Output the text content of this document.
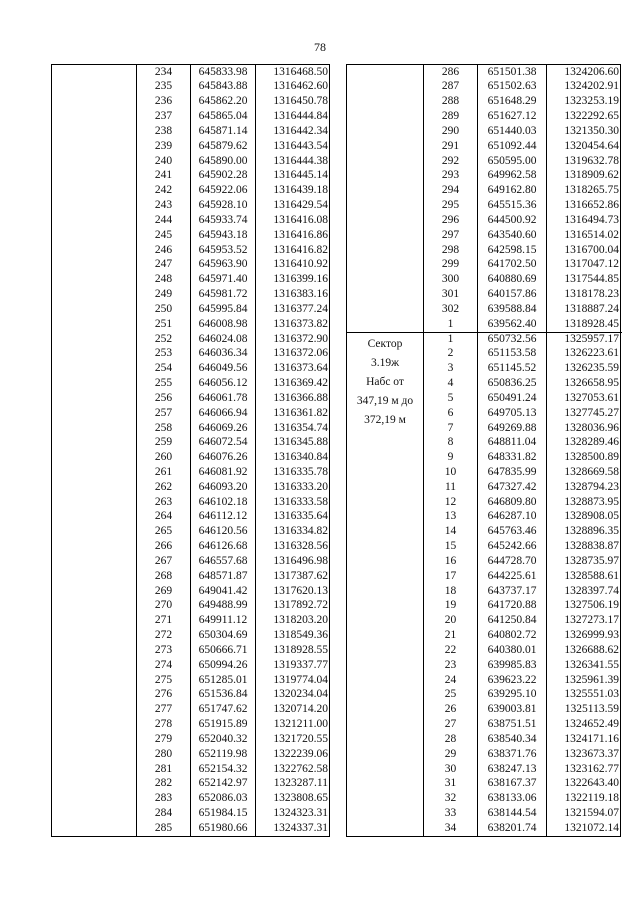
78
234	645833.98	1316468.50
235	645843.88	1316462.60
236	645862.20	1316450.78
237	645865.04	1316444.84
238	645871.14	1316442.34
239	645879.62	1316443.54
240	645890.00	1316444.38
241	645902.28	1316445.14
242	645922.06	1316439.18
243	645928.10	1316429.54
244	645933.74	1316416.08
245	645943.18	1316416.86
246	645953.52	1316416.82
247	645963.90	1316410.92
248	645971.40	1316399.16
249	645981.72	1316383.16
250	645995.84	1316377.24
251	646008.98	1316373.82
252	646024.08	1316372.90
253	646036.34	1316372.06
254	646049.56	1316373.64
255	646056.12	1316369.42
256	646061.78	1316366.88
257	646066.94	1316361.82
258	646069.26	1316354.74
259	646072.54	1316345.88
260	646076.26	1316340.84
261	646081.92	1316335.78
262	646093.20	1316333.20
263	646102.18	1316333.58
264	646112.12	1316335.64
265	646120.56	1316334.82
266	646126.68	1316328.56
267	646557.68	1316496.98
268	648571.87	1317387.62
269	649041.42	1317620.13
270	649488.99	1317892.72
271	649911.12	1318203.20
272	650304.69	1318549.36
273	650666.71	1318928.55
274	650994.26	1319337.77
275	651285.01	1319774.04
276	651536.84	1320234.04
277	651747.62	1320714.20
278	651915.89	1321211.00
279	652040.32	1321720.55
280	652119.98	1322239.06
281	652154.32	1322762.58
282	652142.97	1323287.11
283	652086.03	1323808.65
284	651984.15	1324323.31
285	651980.66	1324337.31
286	651501.38	1324206.60
287	651502.63	1324202.91
288	651648.29	1323253.19
289	651627.12	1322292.65
290	651440.03	1321350.30
291	651092.44	1320454.64
292	650595.00	1319632.78
293	649962.58	1318909.62
294	649162.80	1318265.75
295	645515.36	1316652.86
296	644500.92	1316494.73
297	643540.60	1316514.02
298	642598.15	1316700.04
299	641702.50	1317047.12
300	640880.69	1317544.85
301	640157.86	1318178.23
302	639588.84	1318887.24
1	639562.40	1318928.45
Сектор
3.19ж
Набс от
347,19 м до
372,19 м
1	650732.56	1325957.17
2	651153.58	1326223.61
3	651145.52	1326235.59
4	650836.25	1326658.95
5	650491.24	1327053.61
6	649705.13	1327745.27
7	649269.88	1328036.96
8	648811.04	1328289.46
9	648331.82	1328500.89
10	647835.99	1328669.58
11	647327.42	1328794.23
12	646809.80	1328873.95
13	646287.10	1328908.05
14	645763.46	1328896.35
15	645242.66	1328838.87
16	644728.70	1328735.97
17	644225.61	1328588.61
18	643737.17	1328397.74
19	641720.88	1327506.19
20	641250.84	1327273.17
21	640802.72	1326999.93
22	640380.01	1326688.62
23	639985.83	1326341.55
24	639623.22	1325961.39
25	639295.10	1325551.03
26	639003.81	1325113.59
27	638751.51	1324652.49
28	638540.34	1324171.16
29	638371.76	1323673.37
30	638247.13	1323162.77
31	638167.37	1322643.40
32	638133.06	1322119.18
33	638144.54	1321594.07
34	638201.74	1321072.14
